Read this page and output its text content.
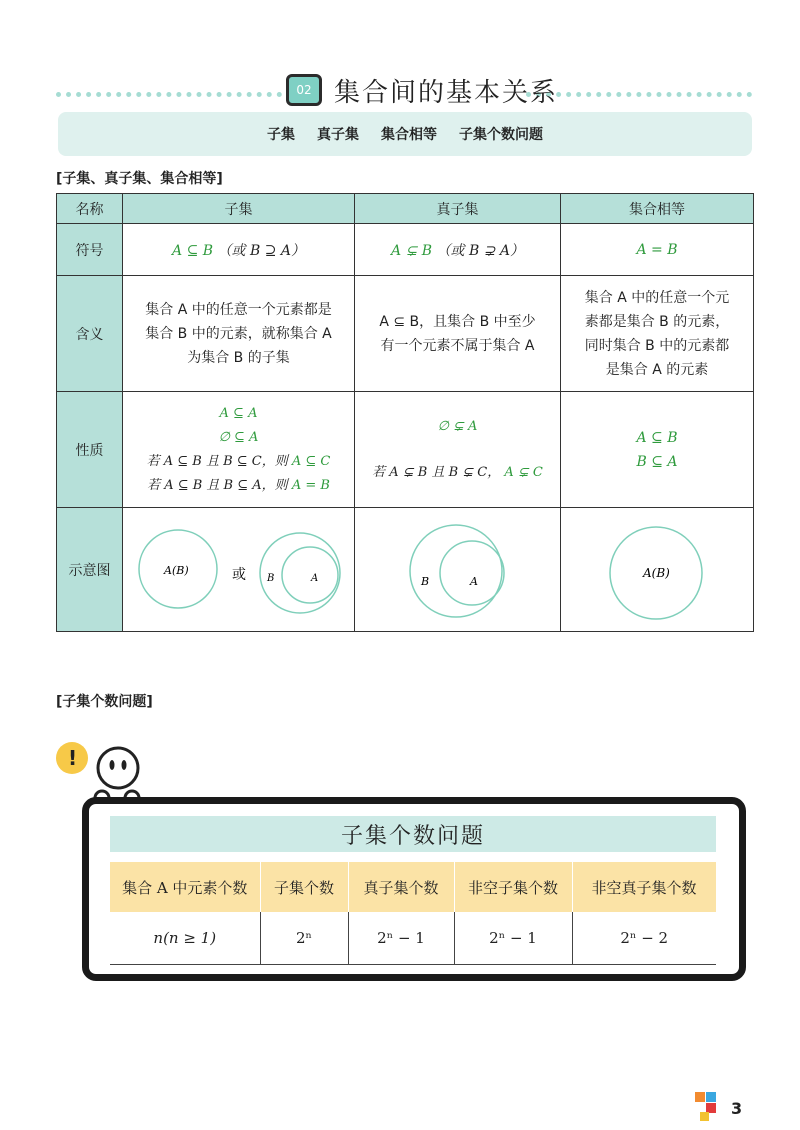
02 集合间的基本关系
子集 真子集 集合相等 子集个数问题
[子集、真子集、集合相等]
名称	子集	真子集	集合相等
符号	A ⊆ B （或 B ⊇ A）	A ⊊ B （或 B ⊋ A）	A = B
含义	集合 A 中的任意一个元素都是
集合 B 中的元素，就称集合 A
为集合 B 的子集	A ⊆ B，且集合 B 中至少
有一个元素不属于集合 A	集合 A 中的任意一个元
素都是集合 B 的元素，
同时集合 B 中的元素都
是集合 A 的元素

性质	A ⊆ A
∅ ⊆ A
若 A ⊆ B 且 B ⊆ C，则 A ⊆ C
若 A ⊆ B 且 B ⊆ A，则 A = B	∅ ⊊ A
若 A ⊊ B 且 B ⊊ C， A ⊊ C	A ⊆ B
B ⊆ A

示意图	A(B) 或 B A	B A	A(B)
[子集个数问题]
!
子集个数问题
集合 A 中元素个数	子集个数	真子集个数	非空子集个数	非空真子集个数
n(n ≥ 1)	2ⁿ	2ⁿ − 1	2ⁿ − 1	2ⁿ − 2
3
